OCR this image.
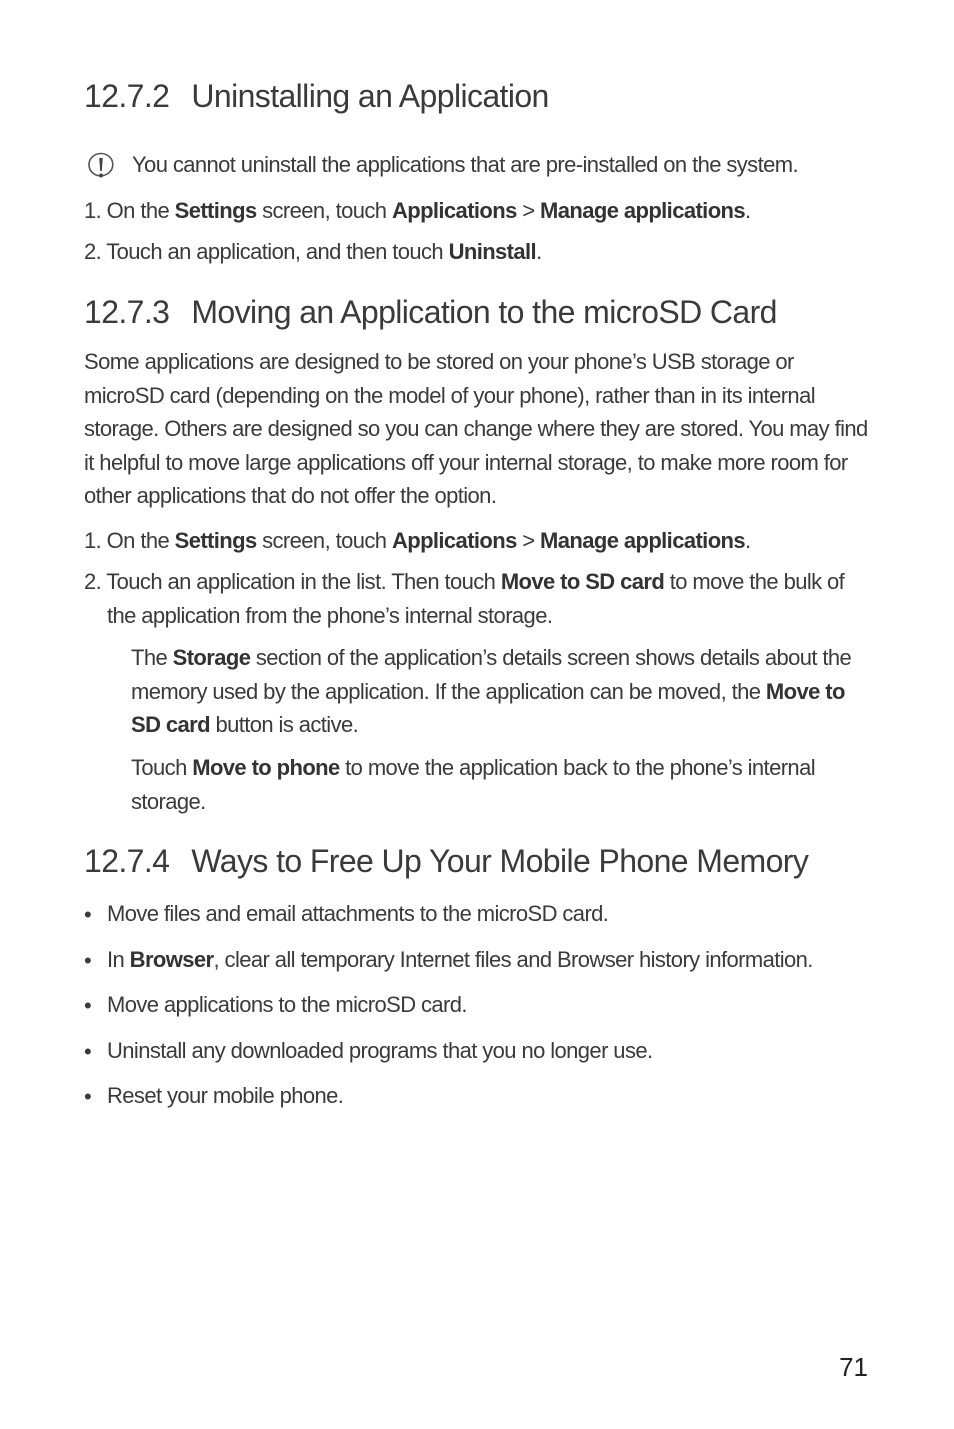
12.7.2 Uninstalling an Application

You cannot uninstall the applications that are pre-installed on the system.

1. On the Settings screen, touch Applications > Manage applications.

2. Touch an application, and then touch Uninstall.

12.7.3 Moving an Application to the microSD Card

Some applications are designed to be stored on your phone’s USB storage or microSD card (depending on the model of your phone), rather than in its internal storage. Others are designed so you can change where they are stored. You may find it helpful to move large applications off your internal storage, to make more room for other applications that do not offer the option.

1. On the Settings screen, touch Applications > Manage applications.

2. Touch an application in the list. Then touch Move to SD card to move the bulk of

the application from the phone’s internal storage.

The Storage section of the application’s details screen shows details about the memory used by the application. If the application can be moved, the Move to SD card button is active.

Touch Move to phone to move the application back to the phone’s internal storage.

12.7.4 Ways to Free Up Your Mobile Phone Memory
• Move files and email attachments to the microSD card.

• In Browser, clear all temporary Internet files and Browser history information.

• Move applications to the microSD card.

• Uninstall any downloaded programs that you no longer use.

• Reset your mobile phone.

71
